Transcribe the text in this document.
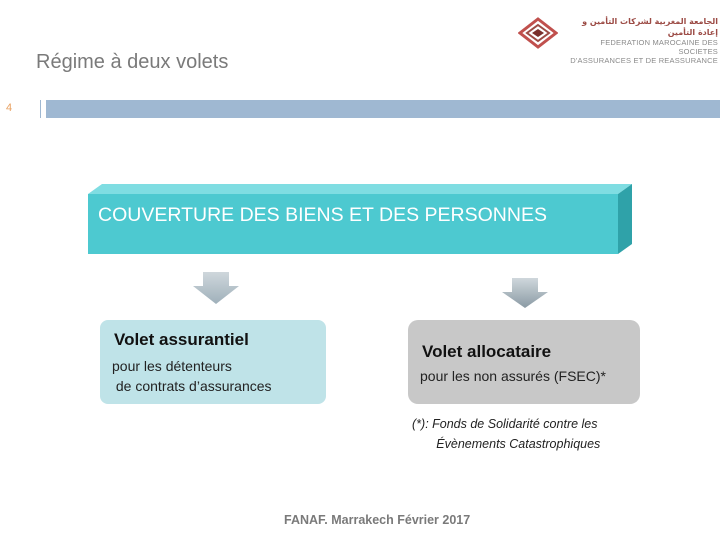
الجامعة المغربية لشركات التأمين و إعادة التأمين
FEDERATION MAROCAINE DES SOCIETES
D'ASSURANCES ET DE REASSURANCE
Régime à deux volets
4
COUVERTURE DES BIENS ET DES PERSONNES
Volet assurantiel
pour les détenteurs
de contrats d’assurances
Volet allocataire
pour les non assurés (FSEC)*
(*): Fonds de Solidarité contre les
Évènements Catastrophiques
FANAF. Marrakech Février 2017
